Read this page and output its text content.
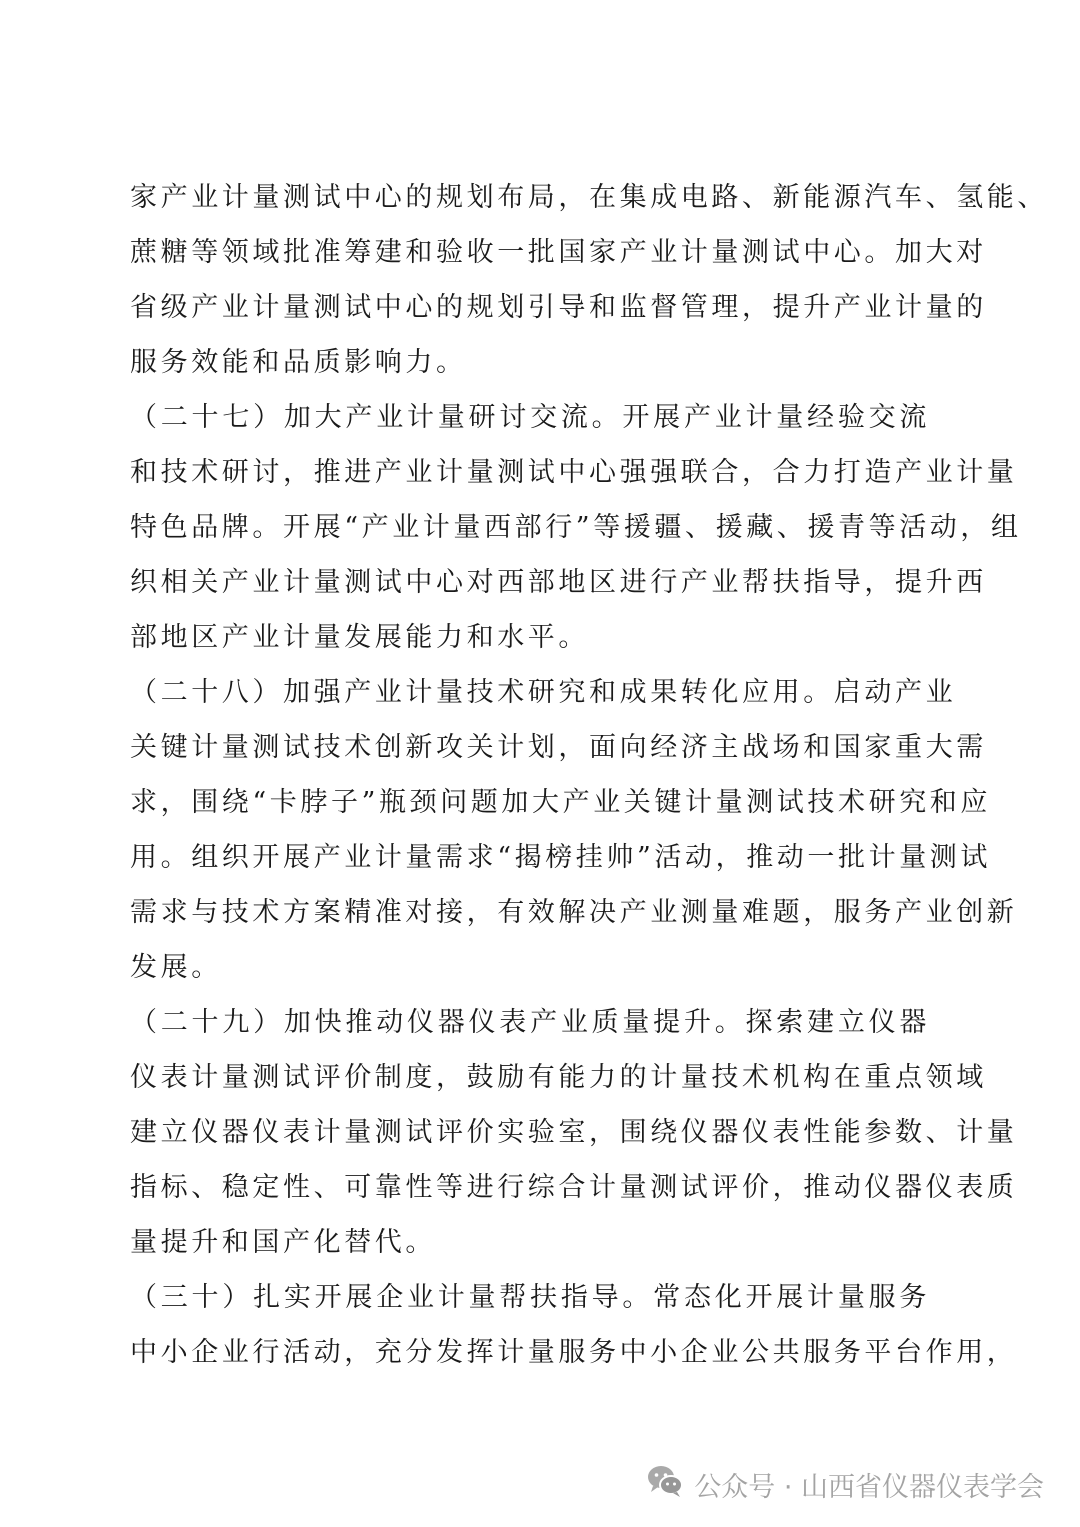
家产业计量测试中心的规划布局，在集成电路、新能源汽车、氢能、
蔗糖等领域批准筹建和验收一批国家产业计量测试中心。加大对
省级产业计量测试中心的规划引导和监督管理，提升产业计量的
服务效能和品质影响力。
（二十七）加大产业计量研讨交流。开展产业计量经验交流
和技术研讨，推进产业计量测试中心强强联合，合力打造产业计量
特色品牌。开展“产业计量西部行”等援疆、援藏、援青等活动，组
织相关产业计量测试中心对西部地区进行产业帮扶指导，提升西
部地区产业计量发展能力和水平。
（二十八）加强产业计量技术研究和成果转化应用。启动产业
关键计量测试技术创新攻关计划，面向经济主战场和国家重大需
求，围绕“卡脖子”瓶颈问题加大产业关键计量测试技术研究和应
用。组织开展产业计量需求“揭榜挂帅”活动，推动一批计量测试
需求与技术方案精准对接，有效解决产业测量难题，服务产业创新
发展。
（二十九）加快推动仪器仪表产业质量提升。探索建立仪器
仪表计量测试评价制度，鼓励有能力的计量技术机构在重点领域
建立仪器仪表计量测试评价实验室，围绕仪器仪表性能参数、计量
指标、稳定性、可靠性等进行综合计量测试评价，推动仪器仪表质
量提升和国产化替代。
（三十）扎实开展企业计量帮扶指导。常态化开展计量服务
中小企业行活动，充分发挥计量服务中小企业公共服务平台作用，
公众号 · 山西省仪器仪表学会
